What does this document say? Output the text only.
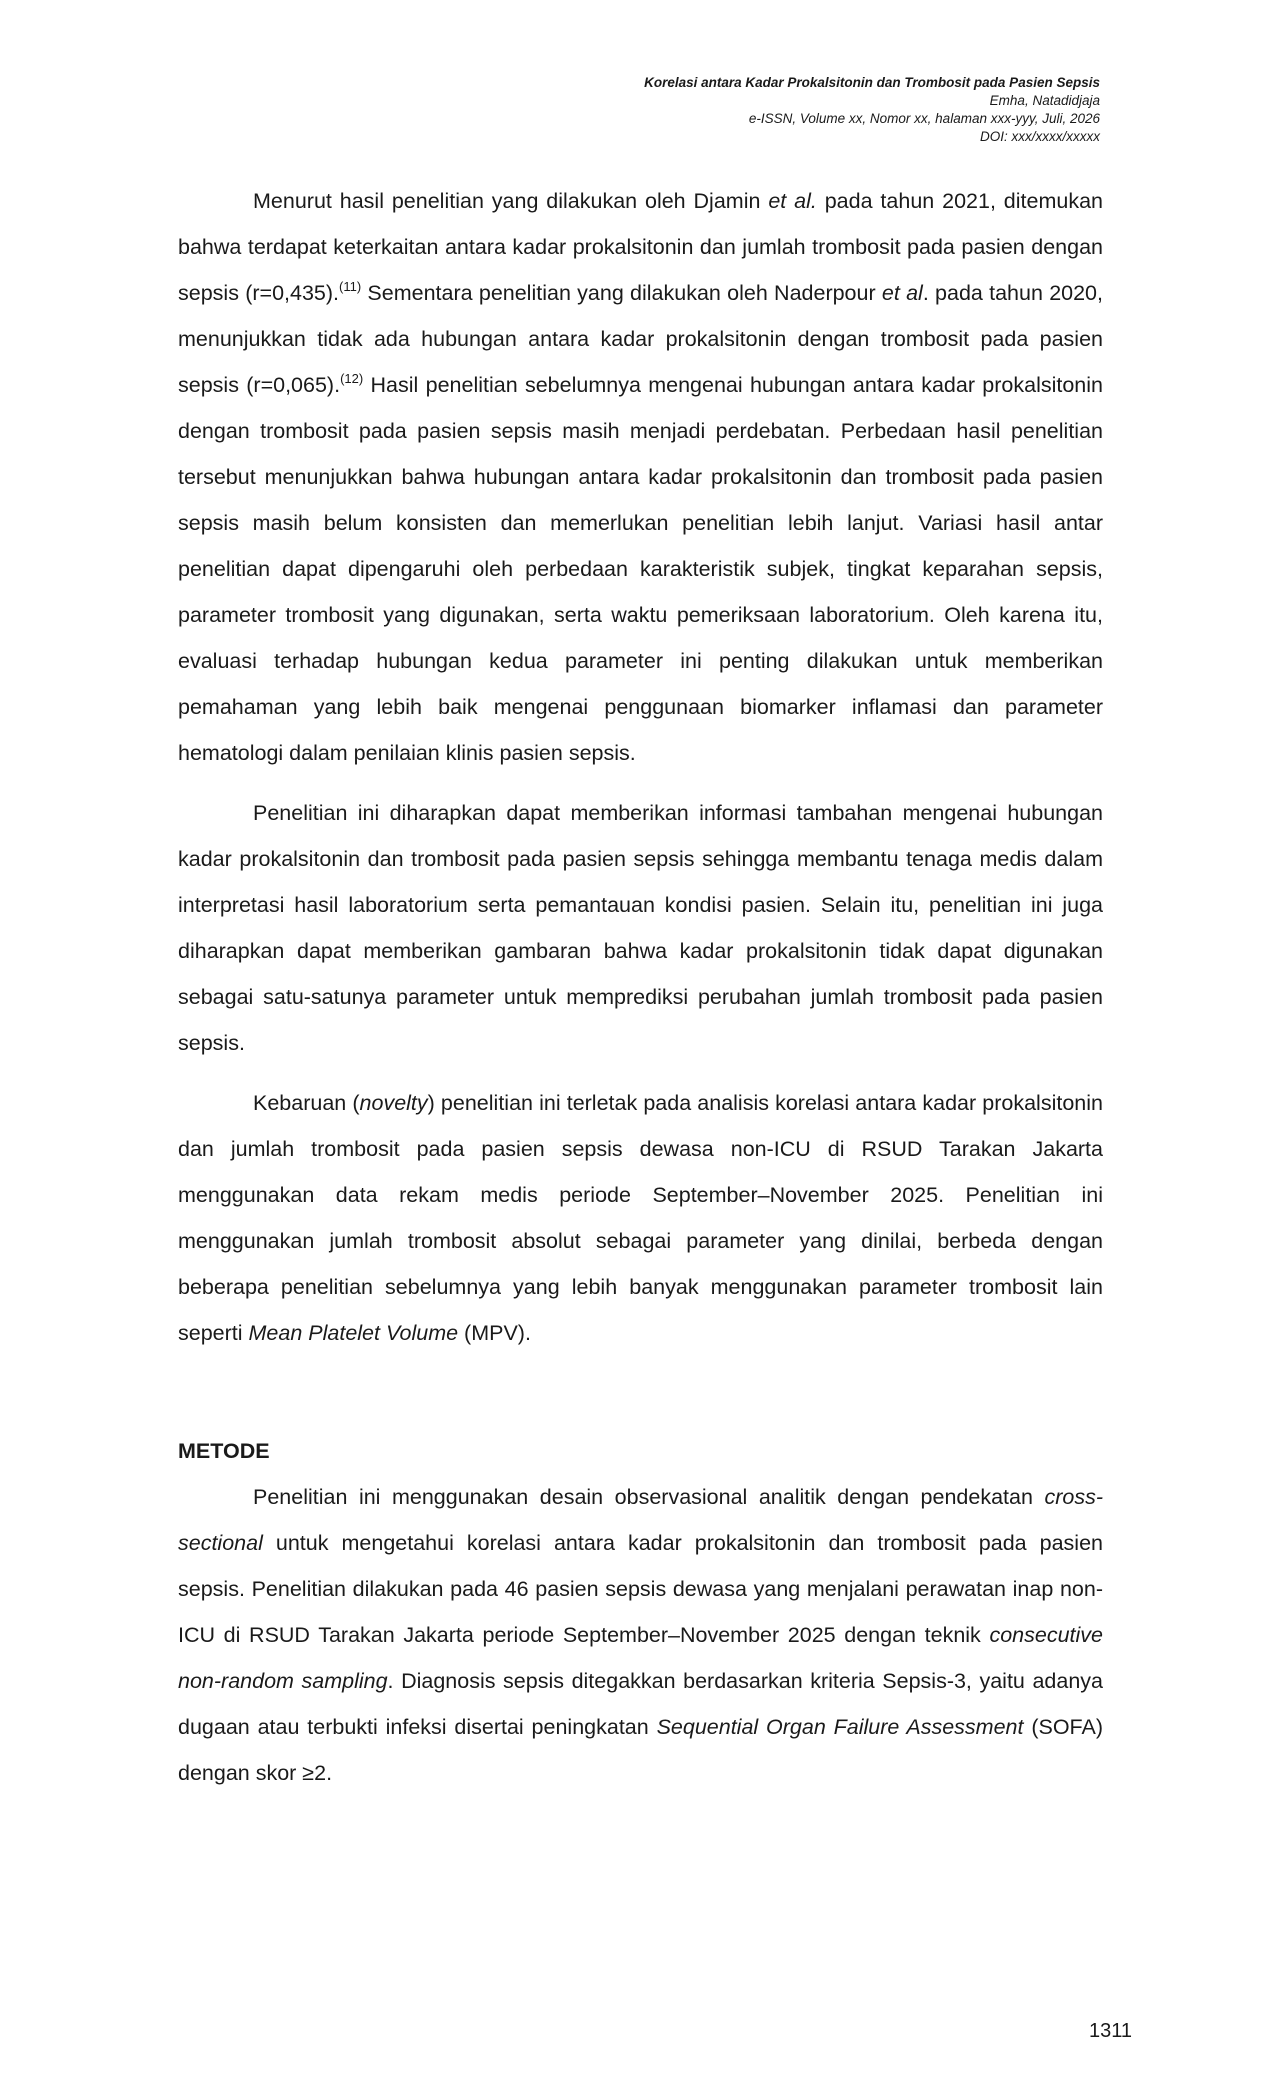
Korelasi antara Kadar Prokalsitonin dan Trombosit pada Pasien Sepsis
Emha, Natadidjaja
e-ISSN, Volume xx, Nomor xx, halaman xxx-yyy, Juli, 2026
DOI: xxx/xxxx/xxxxx

Menurut hasil penelitian yang dilakukan oleh Djamin et al. pada tahun 2021, ditemukan bahwa terdapat keterkaitan antara kadar prokalsitonin dan jumlah trombosit pada pasien dengan sepsis (r=0,435).$^{(11)}$ Sementara penelitian yang dilakukan oleh Naderpour et al. pada tahun 2020, menunjukkan tidak ada hubungan antara kadar prokalsitonin dengan trombosit pada pasien sepsis (r=0,065).$^{(12)}$ Hasil penelitian sebelumnya mengenai hubungan antara kadar prokalsitonin dengan trombosit pada pasien sepsis masih menjadi perdebatan. Perbedaan hasil penelitian tersebut menunjukkan bahwa hubungan antara kadar prokalsitonin dan trombosit pada pasien sepsis masih belum konsisten dan memerlukan penelitian lebih lanjut. Variasi hasil antar penelitian dapat dipengaruhi oleh perbedaan karakteristik subjek, tingkat keparahan sepsis, parameter trombosit yang digunakan, serta waktu pemeriksaan laboratorium. Oleh karena itu, evaluasi terhadap hubungan kedua parameter ini penting dilakukan untuk memberikan pemahaman yang lebih baik mengenai penggunaan biomarker inflamasi dan parameter hematologi dalam penilaian klinis pasien sepsis.

Penelitian ini diharapkan dapat memberikan informasi tambahan mengenai hubungan kadar prokalsitonin dan trombosit pada pasien sepsis sehingga membantu tenaga medis dalam interpretasi hasil laboratorium serta pemantauan kondisi pasien. Selain itu, penelitian ini juga diharapkan dapat memberikan gambaran bahwa kadar prokalsitonin tidak dapat digunakan sebagai satu-satunya parameter untuk memprediksi perubahan jumlah trombosit pada pasien sepsis.

Kebaruan (novelty) penelitian ini terletak pada analisis korelasi antara kadar prokalsitonin dan jumlah trombosit pada pasien sepsis dewasa non-ICU di RSUD Tarakan Jakarta menggunakan data rekam medis periode September–November 2025. Penelitian ini menggunakan jumlah trombosit absolut sebagai parameter yang dinilai, berbeda dengan beberapa penelitian sebelumnya yang lebih banyak menggunakan parameter trombosit lain seperti Mean Platelet Volume (MPV).

METODE

Penelitian ini menggunakan desain observasional analitik dengan pendekatan cross-sectional untuk mengetahui korelasi antara kadar prokalsitonin dan trombosit pada pasien sepsis. Penelitian dilakukan pada 46 pasien sepsis dewasa yang menjalani perawatan inap non-ICU di RSUD Tarakan Jakarta periode September–November 2025 dengan teknik consecutive non-random sampling. Diagnosis sepsis ditegakkan berdasarkan kriteria Sepsis-3, yaitu adanya dugaan atau terbukti infeksi disertai peningkatan Sequential Organ Failure Assessment (SOFA) dengan skor ≥2.

1311
